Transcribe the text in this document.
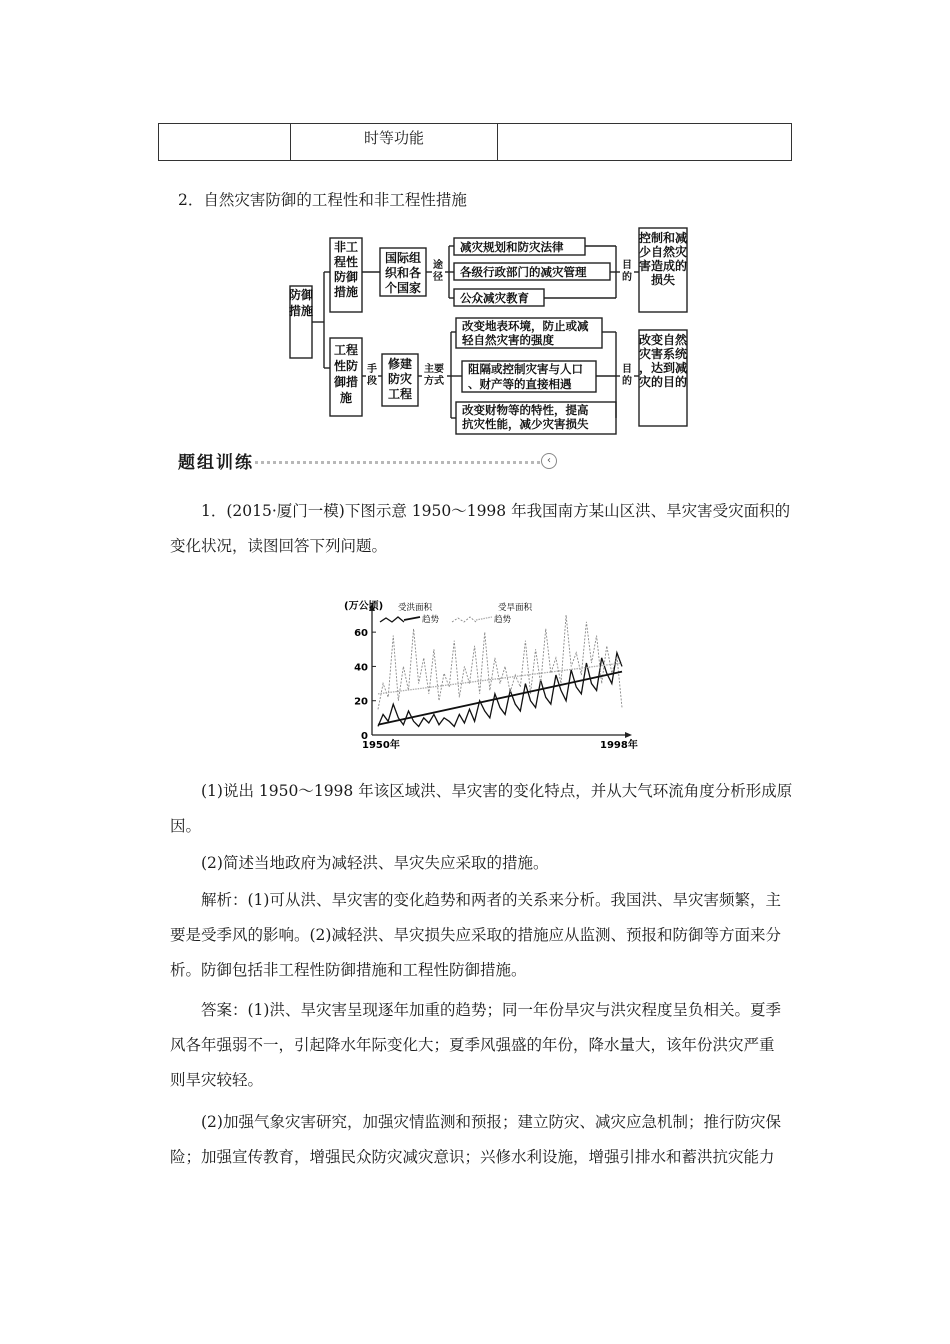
时等功能
2．自然灾害防御的工程性和非工程性措施
防御措施
非工程性防御措施
国际组织和各个国家
途径
减灾规划和防灾法律
各级行政部门的减灾管理
公众减灾教育
目的
控制和减少自然灾害造成的损失
工程性防御措施
手段
修建防灾工程
主要方式
改变地表环境，防止或减轻自然灾害的强度
阻隔或控制灾害与人口、财产等的直接相遇
改变财物等的特性，提高抗灾性能，减少灾害损失
目的
改变自然灾害系统，达到减灾的目的
题组训练	‹
1．(2015·厦门一模)下图示意 1950～1998 年我国南方某山区洪、旱灾害受灾面积的
变化状况，读图回答下列问题。
0
20
40
60
(万公顷)
1950年	1998年
受洪面积
趋势
受旱面积
趋势
(1)说出 1950～1998 年该区域洪、旱灾害的变化特点，并从大气环流角度分析形成原
因。
(2)简述当地政府为减轻洪、旱灾失应采取的措施。
解析：(1)可从洪、旱灾害的变化趋势和两者的关系来分析。我国洪、旱灾害频繁，主
要是受季风的影响。(2)减轻洪、旱灾损失应采取的措施应从监测、预报和防御等方面来分
析。防御包括非工程性防御措施和工程性防御措施。
答案：(1)洪、旱灾害呈现逐年加重的趋势；同一年份旱灾与洪灾程度呈负相关。夏季
风各年强弱不一，引起降水年际变化大；夏季风强盛的年份，降水量大，该年份洪灾严重
则旱灾较轻。
(2)加强气象灾害研究，加强灾情监测和预报；建立防灾、减灾应急机制；推行防灾保
险；加强宣传教育，增强民众防灾减灾意识；兴修水利设施，增强引排水和蓄洪抗灾能力
